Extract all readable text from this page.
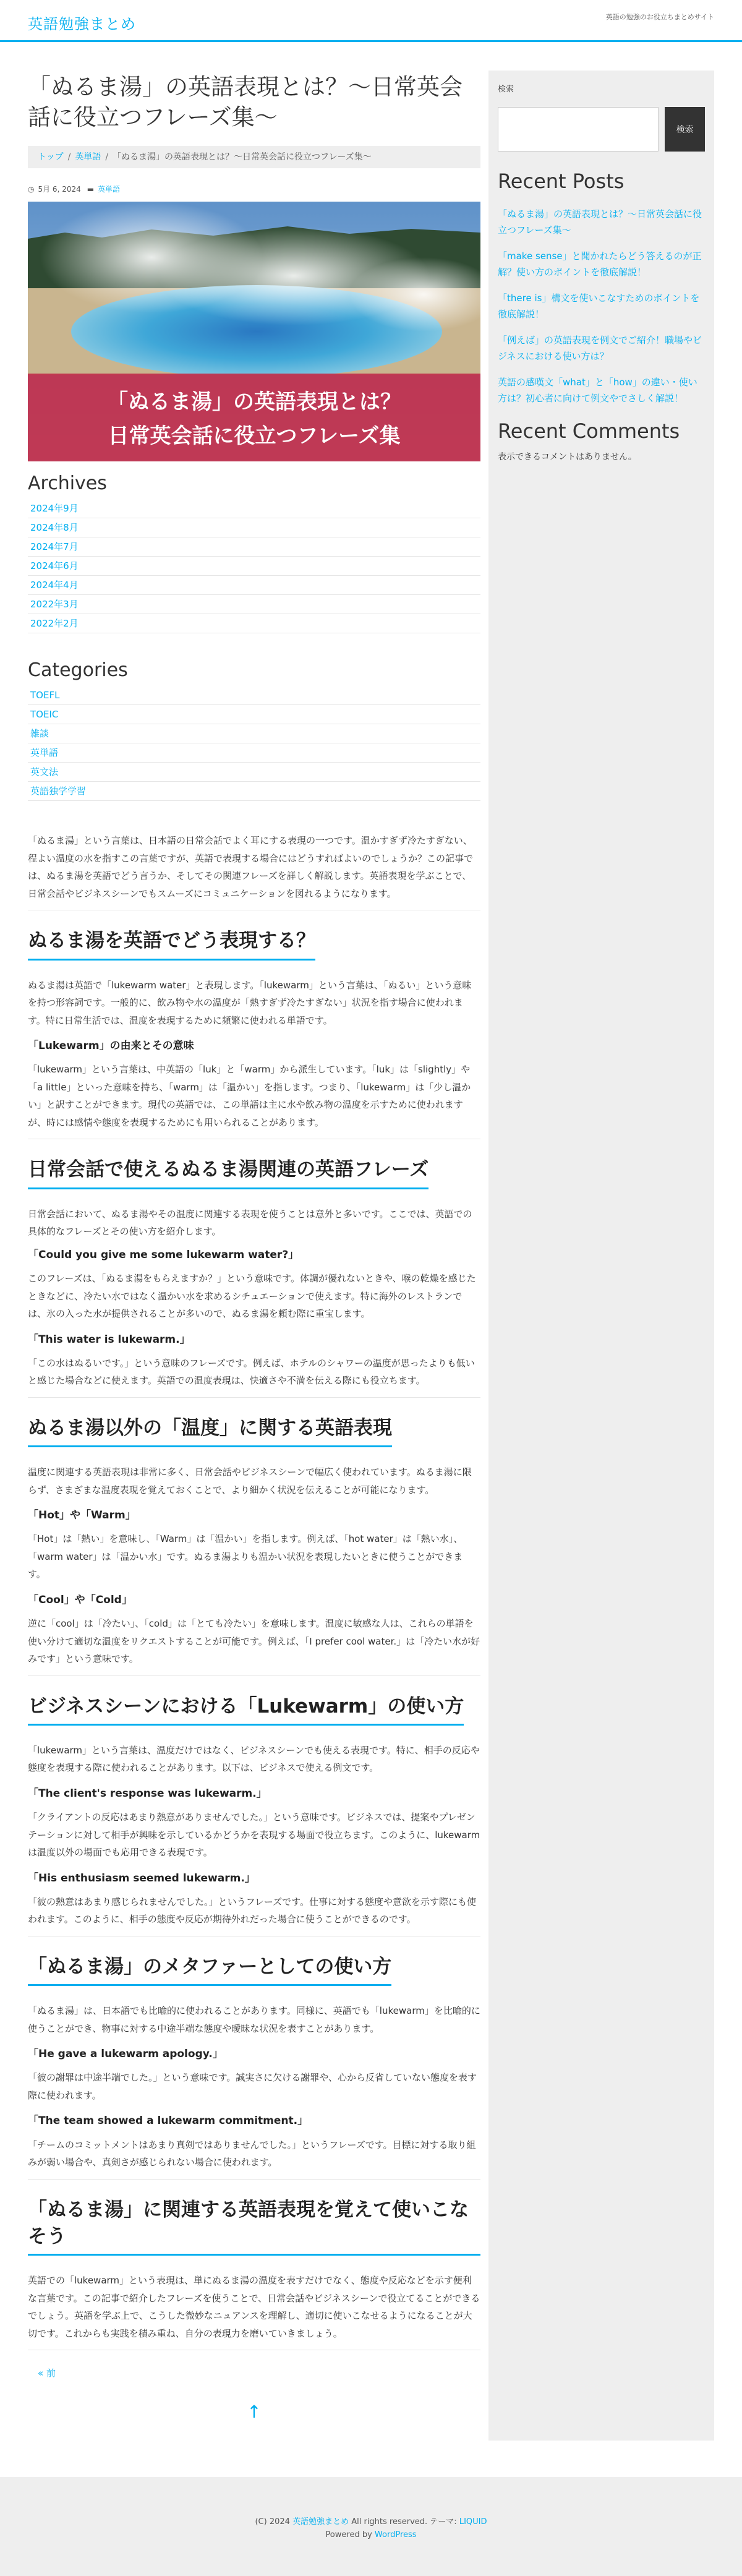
英語勉強まとめ	英語の勉強のお役立ちまとめサイト
「ぬるま湯」の英語表現とは？〜日常英会話に役立つフレーズ集〜
トップ / 英単語 / 「ぬるま湯」の英語表現とは？〜日常英会話に役立つフレーズ集〜
◷ 5月 6, 2024 ▬ 英単語
「ぬるま湯」の英語表現とは？
日常英会話に役立つフレーズ集
Archives
2024年9月
2024年8月
2024年7月
2024年6月
2024年4月
2022年3月
2022年2月
Categories
TOEFL
TOEIC
雑談
英単語
英文法
英語独学学習

「ぬるま湯」という言葉は、日本語の日常会話でよく耳にする表現の一つです。温かすぎず冷たすぎない、程よい温度の水を指すこの言葉ですが、英語で表現する場合にはどうすればよいのでしょうか？この記事では、ぬるま湯を英語でどう言うか、そしてその関連フレーズを詳しく解説します。英語表現を学ぶことで、日常会話やビジネスシーンでもスムーズにコミュニケーションを図れるようになります。

ぬるま湯を英語でどう表現する？

ぬるま湯は英語で「lukewarm water」と表現します。「lukewarm」という言葉は、「ぬるい」という意味を持つ形容詞です。一般的に、飲み物や水の温度が「熱すぎず冷たすぎない」状況を指す場合に使われます。特に日常生活では、温度を表現するために頻繁に使われる単語です。

「Lukewarm」の由来とその意味

「lukewarm」という言葉は、中英語の「luk」と「warm」から派生しています。「luk」は「slightly」や「a little」といった意味を持ち、「warm」は「温かい」を指します。つまり、「lukewarm」は「少し温かい」と訳すことができます。現代の英語では、この単語は主に水や飲み物の温度を示すために使われますが、時には感情や態度を表現するためにも用いられることがあります。

日常会話で使えるぬるま湯関連の英語フレーズ

日常会話において、ぬるま湯やその温度に関連する表現を使うことは意外と多いです。ここでは、英語での具体的なフレーズとその使い方を紹介します。

「Could you give me some lukewarm water?」

このフレーズは、「ぬるま湯をもらえますか？」という意味です。体調が優れないときや、喉の乾燥を感じたときなどに、冷たい水ではなく温かい水を求めるシチュエーションで使えます。特に海外のレストランでは、氷の入った水が提供されることが多いので、ぬるま湯を頼む際に重宝します。

「This water is lukewarm.」

「この水はぬるいです。」という意味のフレーズです。例えば、ホテルのシャワーの温度が思ったよりも低いと感じた場合などに使えます。英語での温度表現は、快適さや不満を伝える際にも役立ちます。

ぬるま湯以外の「温度」に関する英語表現

温度に関連する英語表現は非常に多く、日常会話やビジネスシーンで幅広く使われています。ぬるま湯に限らず、さまざまな温度表現を覚えておくことで、より細かく状況を伝えることが可能になります。

「Hot」や「Warm」

「Hot」は「熱い」を意味し、「Warm」は「温かい」を指します。例えば、「hot water」は「熱い水」、「warm water」は「温かい水」です。ぬるま湯よりも温かい状況を表現したいときに使うことができます。

「Cool」や「Cold」

逆に「cool」は「冷たい」、「cold」は「とても冷たい」を意味します。温度に敏感な人は、これらの単語を使い分けて適切な温度をリクエストすることが可能です。例えば、「I prefer cool water.」は「冷たい水が好みです」という意味です。

ビジネスシーンにおける「Lukewarm」の使い方

「lukewarm」という言葉は、温度だけではなく、ビジネスシーンでも使える表現です。特に、相手の反応や態度を表現する際に使われることがあります。以下は、ビジネスで使える例文です。

「The client's response was lukewarm.」

「クライアントの反応はあまり熱意がありませんでした。」という意味です。ビジネスでは、提案やプレゼンテーションに対して相手が興味を示しているかどうかを表現する場面で役立ちます。このように、lukewarmは温度以外の場面でも応用できる表現です。

「His enthusiasm seemed lukewarm.」

「彼の熱意はあまり感じられませんでした。」というフレーズです。仕事に対する態度や意欲を示す際にも使われます。このように、相手の態度や反応が期待外れだった場合に使うことができるのです。

「ぬるま湯」のメタファーとしての使い方

「ぬるま湯」は、日本語でも比喩的に使われることがあります。同様に、英語でも「lukewarm」を比喩的に使うことができ、物事に対する中途半端な態度や曖昧な状況を表すことがあります。

「He gave a lukewarm apology.」

「彼の謝罪は中途半端でした。」という意味です。誠実さに欠ける謝罪や、心から反省していない態度を表す際に使われます。

「The team showed a lukewarm commitment.」

「チームのコミットメントはあまり真剣ではありませんでした。」というフレーズです。目標に対する取り組みが弱い場合や、真剣さが感じられない場合に使われます。

「ぬるま湯」に関連する英語表現を覚えて使いこなそう

英語での「lukewarm」という表現は、単にぬるま湯の温度を表すだけでなく、態度や反応などを示す便利な言葉です。この記事で紹介したフレーズを使うことで、日常会話やビジネスシーンで役立てることができるでしょう。英語を学ぶ上で、こうした微妙なニュアンスを理解し、適切に使いこなせるようになることが大切です。これからも実践を積み重ね、自分の表現力を磨いていきましょう。

« 前
↑
検索
検索
Recent Posts
「ぬるま湯」の英語表現とは？〜日常英会話に役立つフレーズ集〜
「make sense」と聞かれたらどう答えるのが正解？使い方のポイントを徹底解説！
「there is」構文を使いこなすためのポイントを徹底解説！
「例えば」の英語表現を例文でご紹介！職場やビジネスにおける使い方は？
英語の感嘆文「what」と「how」の違い・使い方は？初心者に向けて例文やでさしく解説！
Recent Comments

表示できるコメントはありません。

(C) 2024 英語勉強まとめ All rights reserved. テーマ: LIQUID
Powered by WordPress
